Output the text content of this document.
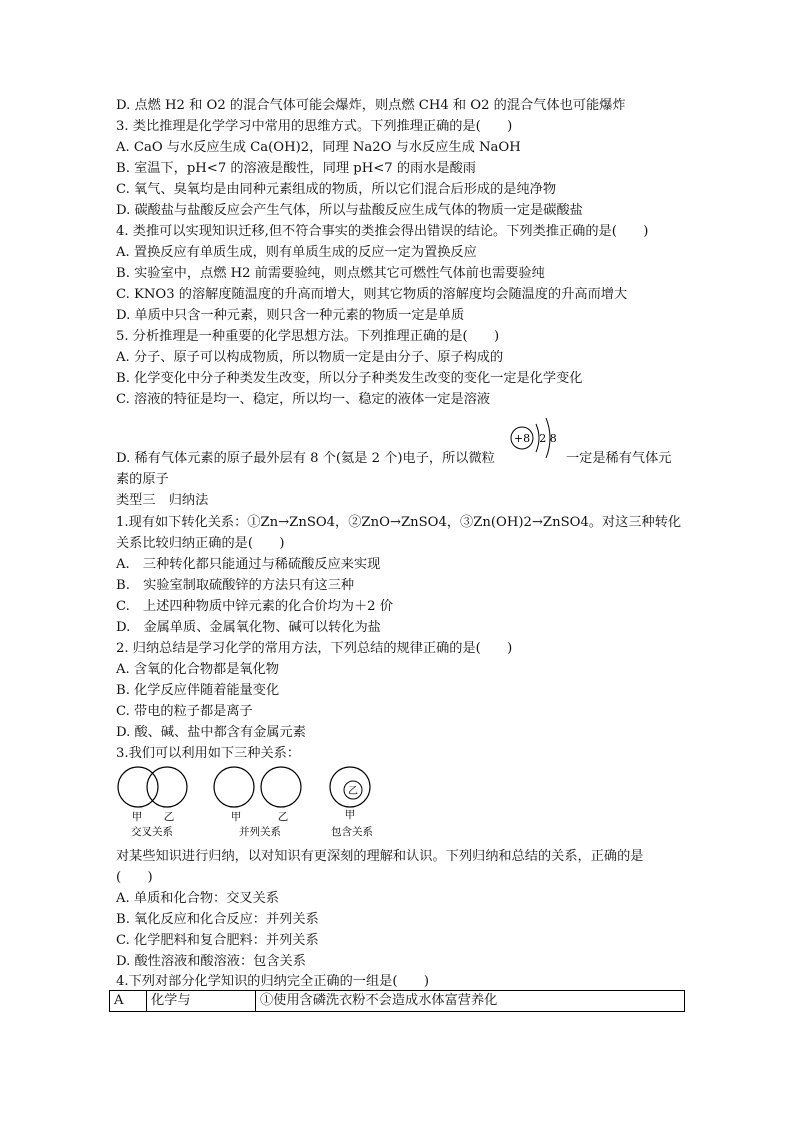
D. 点燃 H2 和 O2 的混合气体可能会爆炸，则点燃 CH4 和 O2 的混合气体也可能爆炸
3. 类比推理是化学学习中常用的思维方式。下列推理正确的是(　　)
A. CaO 与水反应生成 Ca(OH)2，同理 Na2O 与水反应生成 NaOH
B. 室温下，pH<7 的溶液是酸性，同理 pH<7 的雨水是酸雨
C. 氧气、臭氧均是由同种元素组成的物质，所以它们混合后形成的是纯净物
D. 碳酸盐与盐酸反应会产生气体，所以与盐酸反应生成气体的物质一定是碳酸盐
4. 类推可以实现知识迁移,但不符合事实的类推会得出错误的结论。下列类推正确的是(　　)
A. 置换反应有单质生成，则有单质生成的反应一定为置换反应
B. 实验室中，点燃 H2 前需要验纯，则点燃其它可燃性气体前也需要验纯
C. KNO3 的溶解度随温度的升高而增大，则其它物质的溶解度均会随温度的升高而增大
D. 单质中只含一种元素，则只含一种元素的物质一定是单质
5. 分析推理是一种重要的化学思想方法。下列推理正确的是(　　)
A. 分子、原子可以构成物质，所以物质一定是由分子、原子构成的
B. 化学变化中分子种类发生改变，所以分子种类发生改变的变化一定是化学变化
C. 溶液的特征是均一、稳定，所以均一、稳定的液体一定是溶液
+8 2 8
D. 稀有气体元素的原子最外层有 8 个(氦是 2 个)电子，所以微粒	一定是稀有气体元
素的原子
类型三　归纳法
1.现有如下转化关系：①Zn→ZnSO4，②ZnO→ZnSO4，③Zn(OH)2→ZnSO4。对这三种转化
关系比较归纳正确的是(　　)
A.　三种转化都只能通过与稀硫酸反应来实现
B.　实验室制取硫酸锌的方法只有这三种
C.　上述四种物质中锌元素的化合价均为＋2 价
D.　金属单质、金属氧化物、碱可以转化为盐
2. 归纳总结是学习化学的常用方法，下列总结的规律正确的是(　　)
A. 含氧的化合物都是氧化物
B. 化学反应伴随着能量变化
C. 带电的粒子都是离子
D. 酸、碱、盐中都含有金属元素
3.我们可以利用如下三种关系：
甲 乙
交叉关系
甲	乙
并列关系
乙
甲
包含关系
对某些知识进行归纳，以对知识有更深刻的理解和认识。下列归纳和总结的关系，正确的是
(　　)
A. 单质和化合物：交叉关系
B. 氧化反应和化合反应：并列关系
C. 化学肥料和复合肥料：并列关系
D. 酸性溶液和酸溶液：包含关系
4.下列对部分化学知识的归纳完全正确的一组是(　　)
A	化学与	①使用含磷洗衣粉不会造成水体富营养化
